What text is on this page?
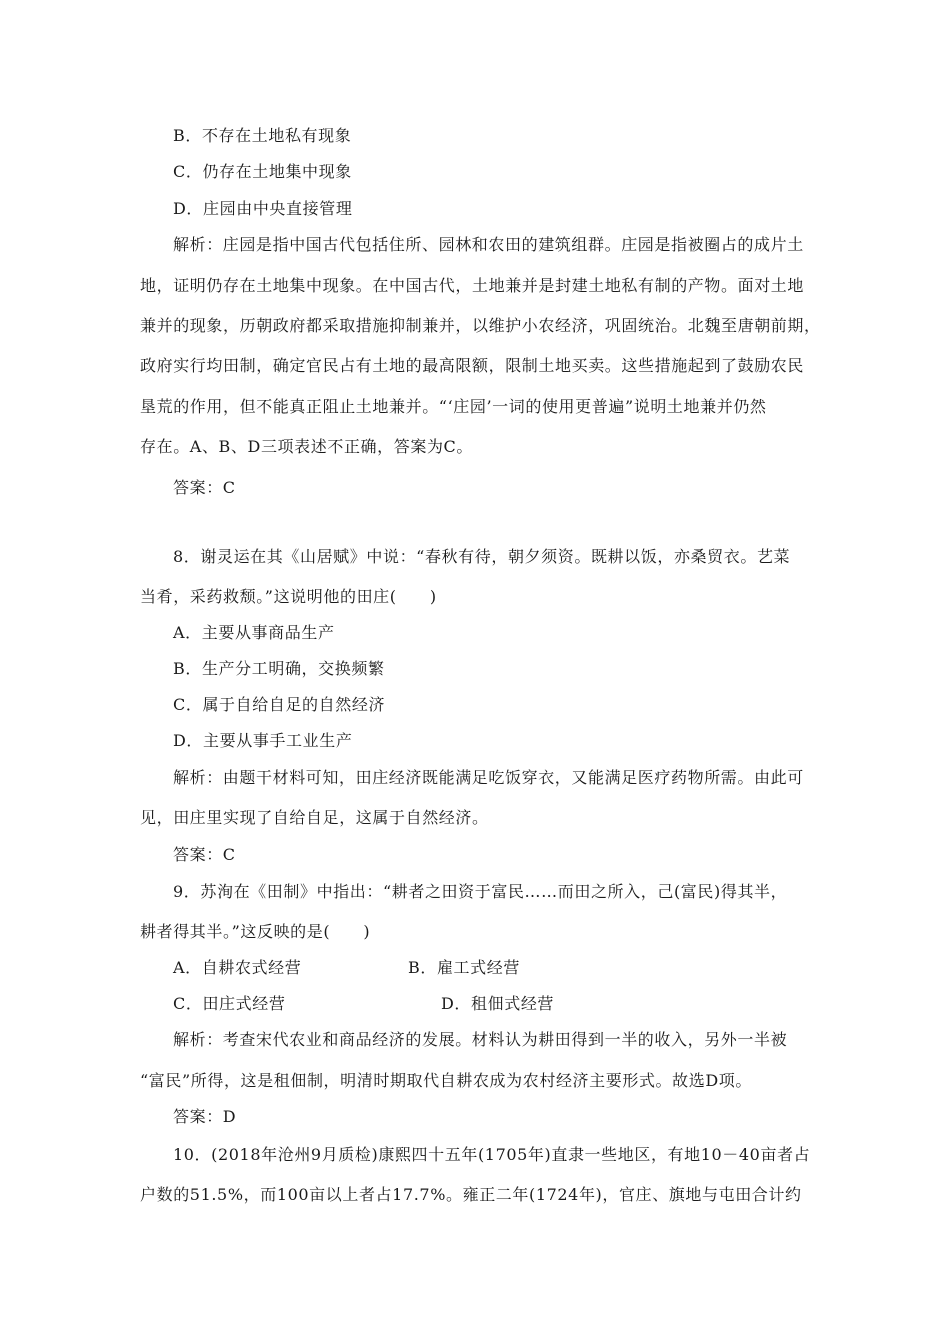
B．不存在土地私有现象
C．仍存在土地集中现象
D．庄园由中央直接管理
解析：庄园是指中国古代包括住所、园林和农田的建筑组群。庄园是指被圈占的成片土
地，证明仍存在土地集中现象。在中国古代，土地兼并是封建土地私有制的产物。面对土地
兼并的现象，历朝政府都采取措施抑制兼并，以维护小农经济，巩固统治。北魏至唐朝前期，
政府实行均田制，确定官民占有土地的最高限额，限制土地买卖。这些措施起到了鼓励农民
垦荒的作用，但不能真正阻止土地兼并。“‘庄园’一词的使用更普遍”说明土地兼并仍然
存在。A、B、D三项表述不正确，答案为C。
答案：C
8．谢灵运在其《山居赋》中说：“春秋有待，朝夕须资。既耕以饭，亦桑贸衣。艺菜
当肴，采药救颓。”这说明他的田庄(　　)
A．主要从事商品生产
B．生产分工明确，交换频繁
C．属于自给自足的自然经济
D．主要从事手工业生产
解析：由题干材料可知，田庄经济既能满足吃饭穿衣，又能满足医疗药物所需。由此可
见，田庄里实现了自给自足，这属于自然经济。
答案：C
9．苏洵在《田制》中指出：“耕者之田资于富民……而田之所入，己(富民)得其半，
耕者得其半。”这反映的是(　　)
A．自耕农式经营	B．雇工式经营
C．田庄式经营	D．租佃式经营
解析：考查宋代农业和商品经济的发展。材料认为耕田得到一半的收入，另外一半被
“富民”所得，这是租佃制，明清时期取代自耕农成为农村经济主要形式。故选D项。
答案：D
10．(2018年沧州9月质检)康熙四十五年(1705年)直隶一些地区，有地10－40亩者占
户数的51.5%，而100亩以上者占17.7%。雍正二年(1724年)，官庄、旗地与屯田合计约
